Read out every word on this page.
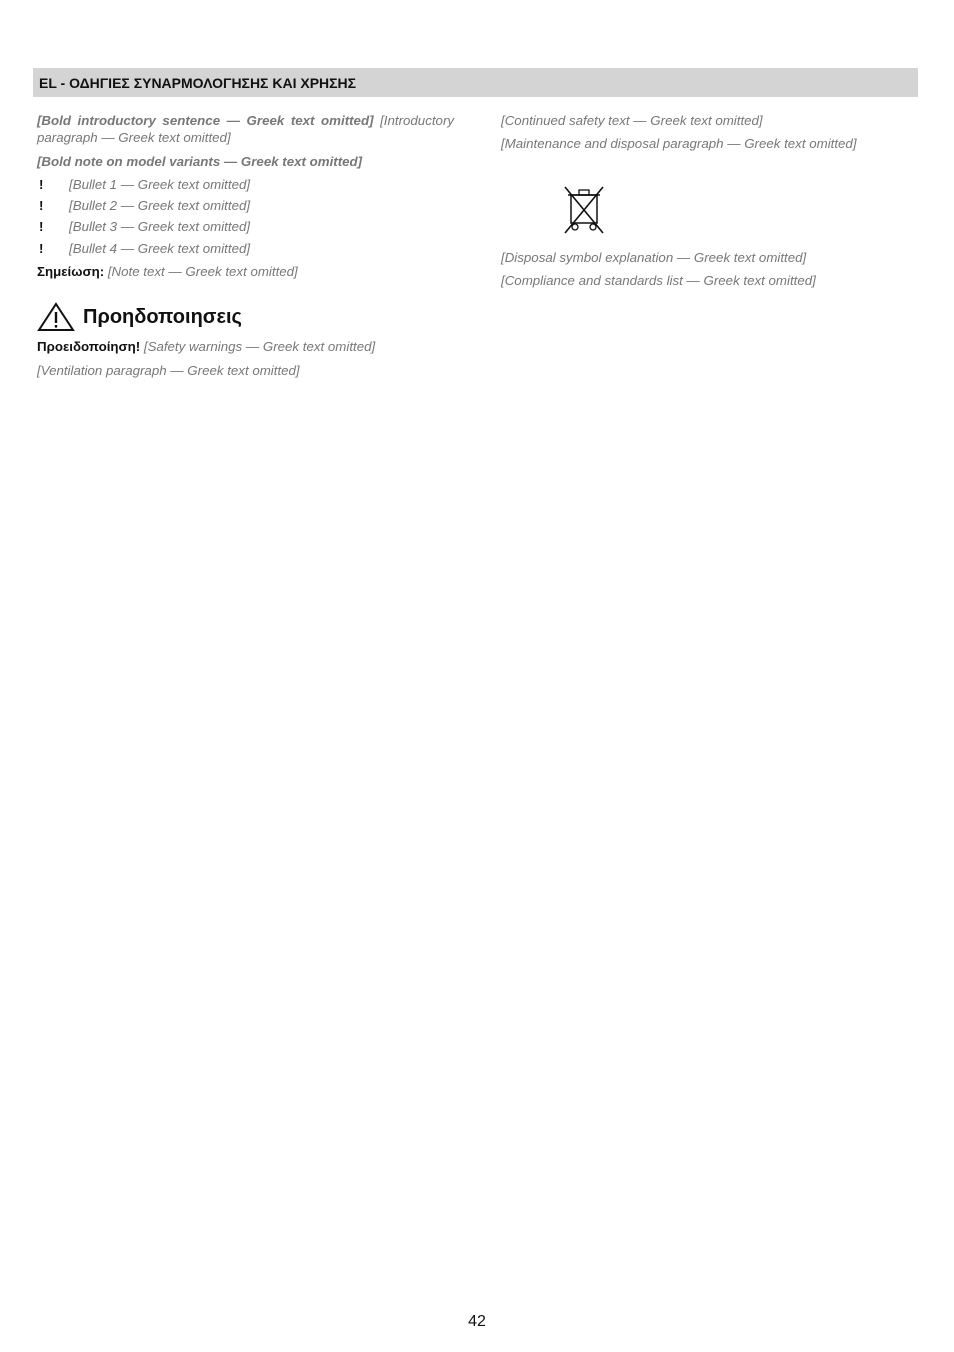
EL - ΟΔΗΓΙΕΣ ΣΥΝΑΡΜΟΛΟΓΗΣΗΣ ΚΑΙ ΧΡΗΣΗΣ

[Bold introductory sentence — Greek text omitted] [Introductory paragraph — Greek text omitted]

[Bold note on model variants — Greek text omitted]

! [Bullet 1 — Greek text omitted]
! [Bullet 2 — Greek text omitted]
! [Bullet 3 — Greek text omitted]
! [Bullet 4 — Greek text omitted]

Σημείωση: [Note text — Greek text omitted]

Προηδοποιησεις

Προειδοποίηση! [Safety warnings — Greek text omitted]

[Ventilation paragraph — Greek text omitted]

[Continued safety text — Greek text omitted]

[Maintenance and disposal paragraph — Greek text omitted]

[Disposal symbol explanation — Greek text omitted]

[Compliance and standards list — Greek text omitted]

42
